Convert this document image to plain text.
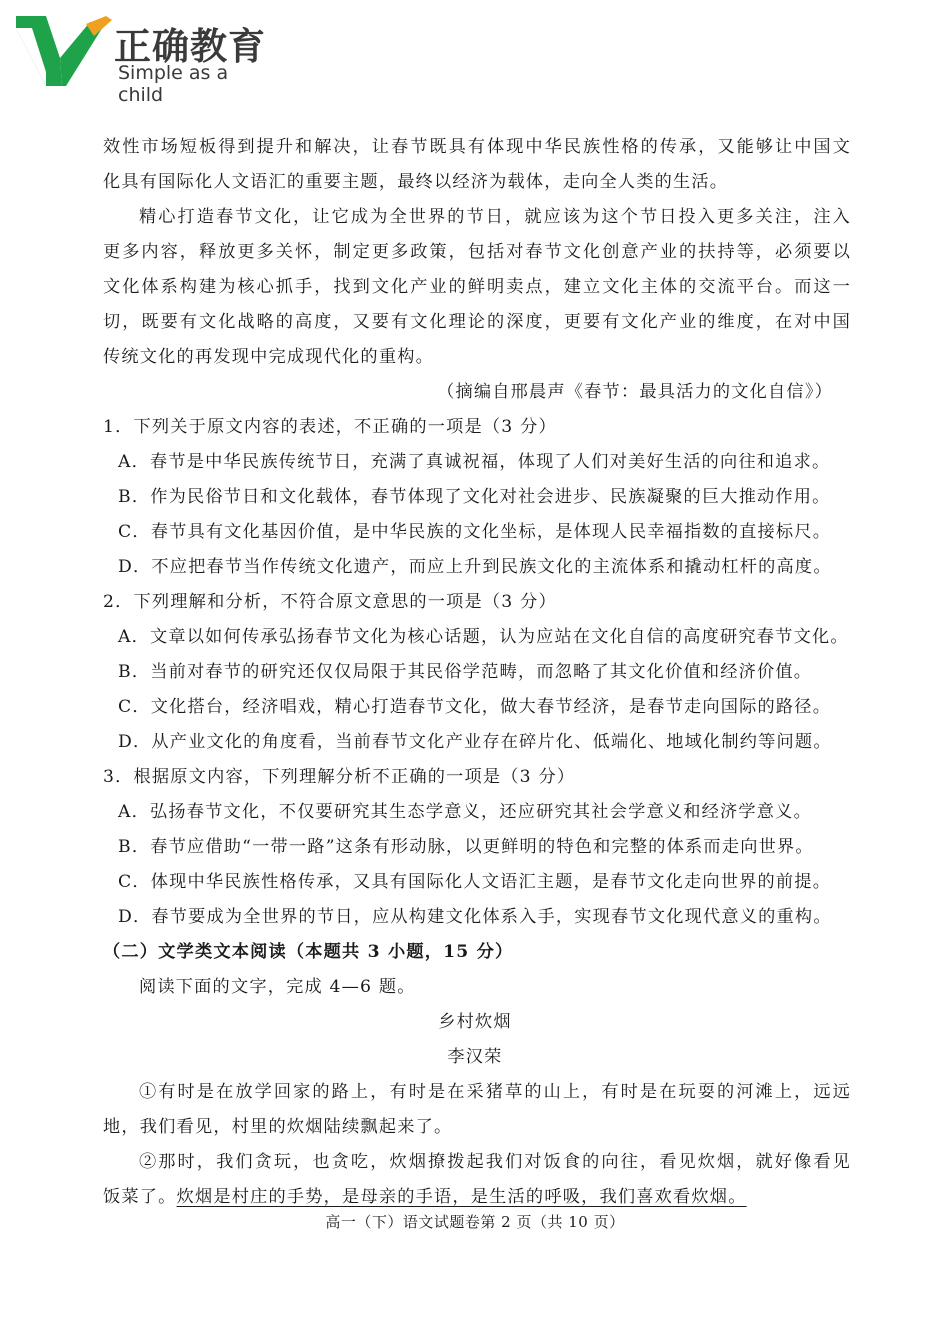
正确教育
Simple as a child
效性市场短板得到提升和解决，让春节既具有体现中华民族性格的传承，又能够让中国文
化具有国际化人文语汇的重要主题，最终以经济为载体，走向全人类的生活。
精心打造春节文化，让它成为全世界的节日，就应该为这个节日投入更多关注，注入
更多内容，释放更多关怀，制定更多政策，包括对春节文化创意产业的扶持等，必须要以
文化体系构建为核心抓手，找到文化产业的鲜明卖点，建立文化主体的交流平台。而这一
切，既要有文化战略的高度，又要有文化理论的深度，更要有文化产业的维度，在对中国
传统文化的再发现中完成现代化的重构。
（摘编自邢晨声《春节：最具活力的文化自信》）
1．下列关于原文内容的表述，不正确的一项是（3 分）
A．春节是中华民族传统节日，充满了真诚祝福，体现了人们对美好生活的向往和追求。
B．作为民俗节日和文化载体，春节体现了文化对社会进步、民族凝聚的巨大推动作用。
C．春节具有文化基因价值，是中华民族的文化坐标，是体现人民幸福指数的直接标尺。
D．不应把春节当作传统文化遗产，而应上升到民族文化的主流体系和撬动杠杆的高度。
2．下列理解和分析，不符合原文意思的一项是（3 分）
A．文章以如何传承弘扬春节文化为核心话题，认为应站在文化自信的高度研究春节文化。
B．当前对春节的研究还仅仅局限于其民俗学范畴，而忽略了其文化价值和经济价值。
C．文化搭台，经济唱戏，精心打造春节文化，做大春节经济，是春节走向国际的路径。
D．从产业文化的角度看，当前春节文化产业存在碎片化、低端化、地域化制约等问题。
3．根据原文内容，下列理解分析不正确的一项是（3 分）
A．弘扬春节文化，不仅要研究其生态学意义，还应研究其社会学意义和经济学意义。
B．春节应借助“一带一路”这条有形动脉，以更鲜明的特色和完整的体系而走向世界。
C．体现中华民族性格传承，又具有国际化人文语汇主题，是春节文化走向世界的前提。
D．春节要成为全世界的节日，应从构建文化体系入手，实现春节文化现代意义的重构。
（二）文学类文本阅读（本题共 3 小题，15 分）
阅读下面的文字，完成 4—6 题。
乡村炊烟
李汉荣
①有时是在放学回家的路上，有时是在采猪草的山上，有时是在玩耍的河滩上，远远
地，我们看见，村里的炊烟陆续飘起来了。
②那时，我们贪玩，也贪吃，炊烟撩拨起我们对饭食的向往，看见炊烟，就好像看见
饭菜了。炊烟是村庄的手势，是母亲的手语，是生活的呼吸，我们喜欢看炊烟。
高一（下）语文试题卷第 2 页（共 10 页）
